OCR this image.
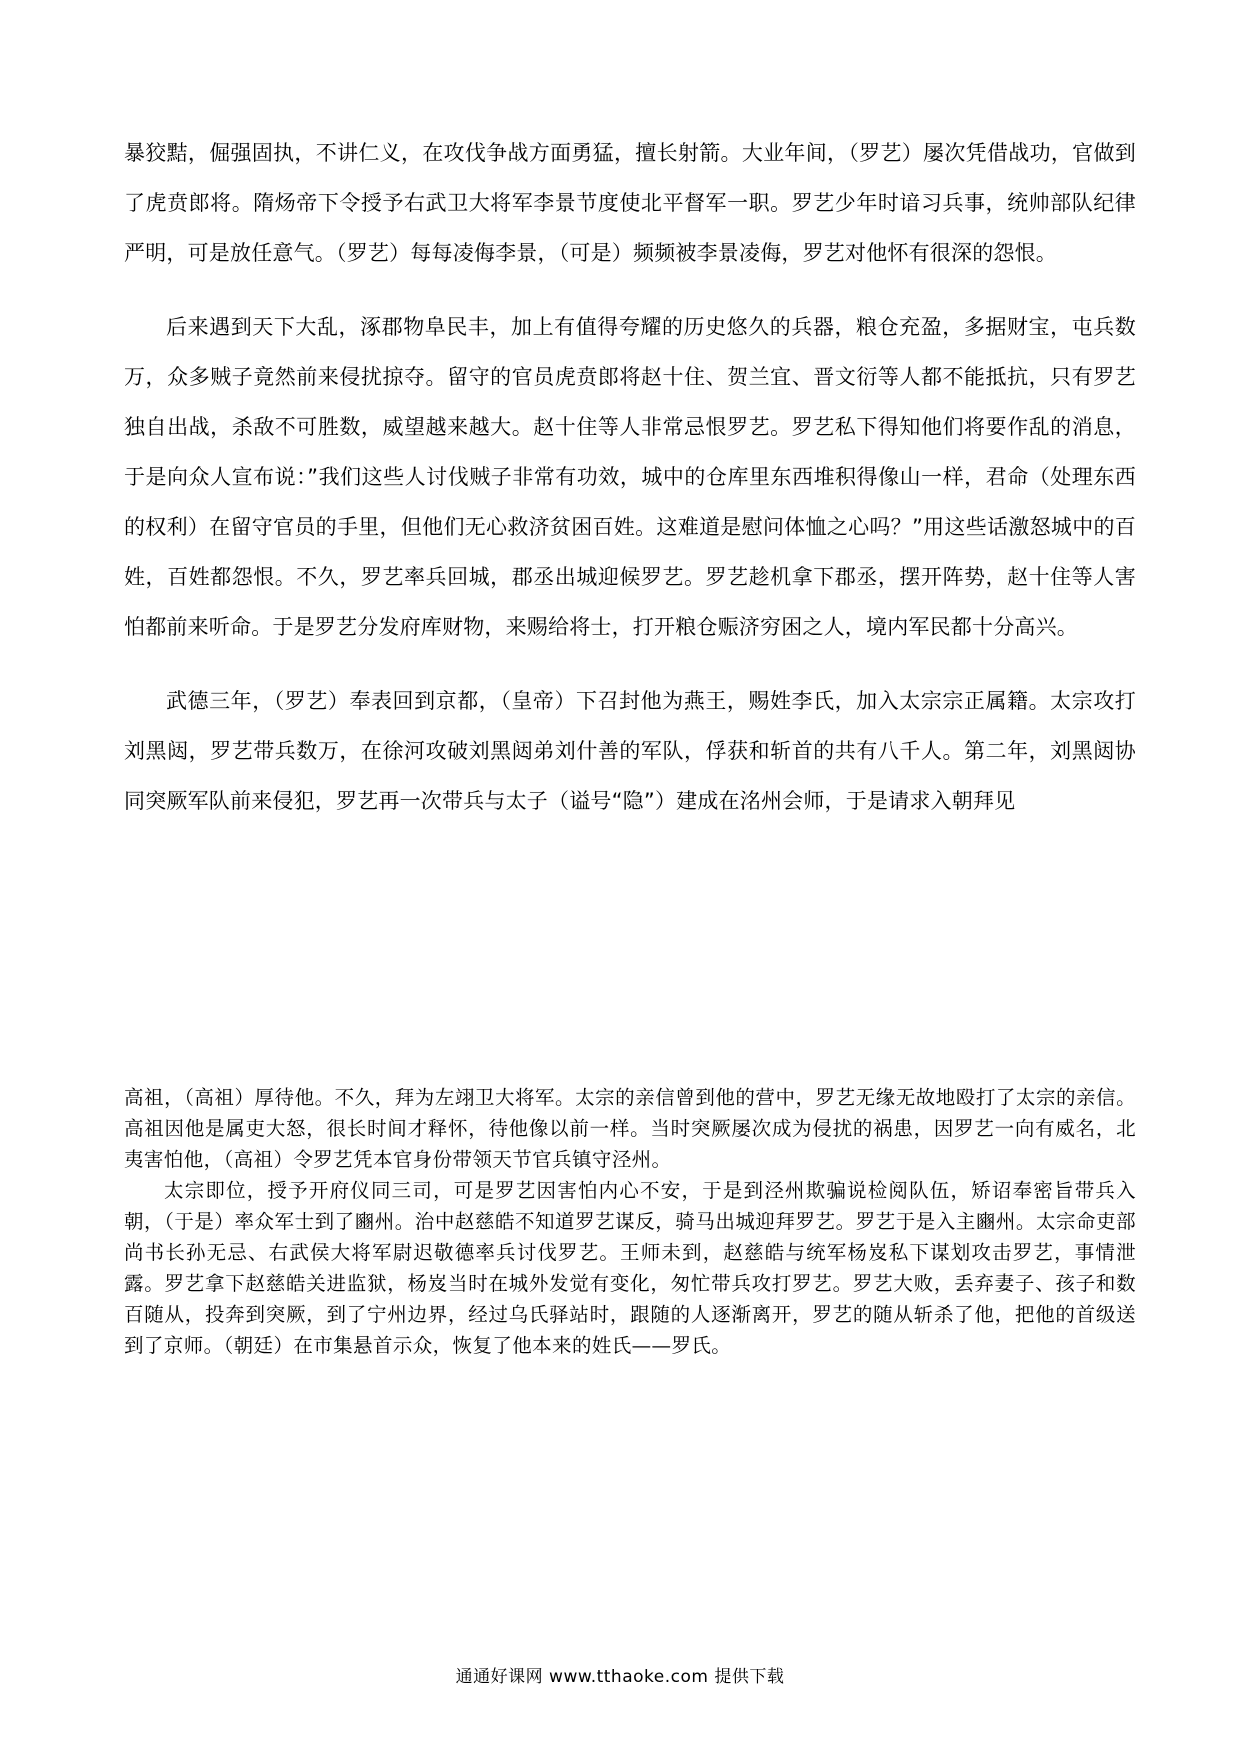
暴狡黠，倔强固执，不讲仁义，在攻伐争战方面勇猛，擅长射箭。大业年间，（罗艺）屡次凭借战功，官做到了虎贲郎将。隋炀帝下令授予右武卫大将军李景节度使北平督军一职。罗艺少年时谙习兵事，统帅部队纪律严明，可是放任意气。（罗艺）每每凌侮李景，（可是）频频被李景凌侮，罗艺对他怀有很深的怨恨。

后来遇到天下大乱，涿郡物阜民丰，加上有值得夸耀的历史悠久的兵器，粮仓充盈，多据财宝，屯兵数万，众多贼子竟然前来侵扰掠夺。留守的官员虎贲郎将赵十住、贺兰宜、晋文衍等人都不能抵抗，只有罗艺独自出战，杀敌不可胜数，威望越来越大。赵十住等人非常忌恨罗艺。罗艺私下得知他们将要作乱的消息，于是向众人宣布说：”我们这些人讨伐贼子非常有功效，城中的仓库里东西堆积得像山一样，君命（处理东西的权利）在留守官员的手里，但他们无心救济贫困百姓。这难道是慰问体恤之心吗？”用这些话激怒城中的百姓，百姓都怨恨。不久，罗艺率兵回城，郡丞出城迎候罗艺。罗艺趁机拿下郡丞，摆开阵势，赵十住等人害怕都前来听命。于是罗艺分发府库财物，来赐给将士，打开粮仓赈济穷困之人，境内军民都十分高兴。

武德三年，（罗艺）奉表回到京都，（皇帝）下召封他为燕王，赐姓李氏，加入太宗宗正属籍。太宗攻打刘黑闼，罗艺带兵数万，在徐河攻破刘黑闼弟刘什善的军队，俘获和斩首的共有八千人。第二年，刘黑闼协同突厥军队前来侵犯，罗艺再一次带兵与太子（谥号“隐”）建成在洺州会师，于是请求入朝拜见

高祖，（高祖）厚待他。不久，拜为左翊卫大将军。太宗的亲信曾到他的营中，罗艺无缘无故地殴打了太宗的亲信。高祖因他是属吏大怒，很长时间才释怀，待他像以前一样。当时突厥屡次成为侵扰的祸患，因罗艺一向有威名，北夷害怕他，（高祖）令罗艺凭本官身份带领天节官兵镇守泾州。

太宗即位，授予开府仪同三司，可是罗艺因害怕内心不安，于是到泾州欺骗说检阅队伍，矫诏奉密旨带兵入朝，（于是）率众军士到了豳州。治中赵慈皓不知道罗艺谋反，骑马出城迎拜罗艺。罗艺于是入主豳州。太宗命吏部尚书长孙无忌、右武侯大将军尉迟敬德率兵讨伐罗艺。王师未到，赵慈皓与统军杨岌私下谋划攻击罗艺，事情泄露。罗艺拿下赵慈皓关进监狱，杨岌当时在城外发觉有变化，匆忙带兵攻打罗艺。罗艺大败，丢弃妻子、孩子和数百随从，投奔到突厥，到了宁州边界，经过乌氏驿站时，跟随的人逐渐离开，罗艺的随从斩杀了他，把他的首级送到了京师。（朝廷）在市集悬首示众，恢复了他本来的姓氏——罗氏。

通通好课网 www.tthaoke.com 提供下载
